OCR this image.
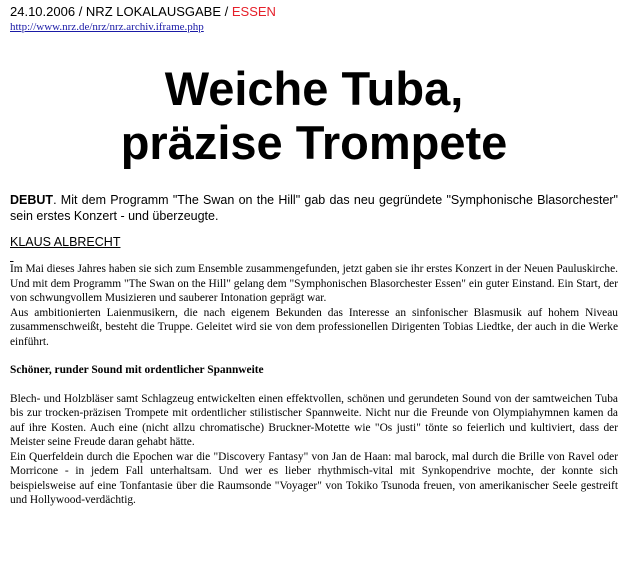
24.10.2006 / NRZ LOKALAUSGABE / ESSEN
http://www.nrz.de/nrz/nrz.archiv.iframe.php
Weiche Tuba,
präzise Trompete
DEBUT. Mit dem Programm "The Swan on the Hill" gab das neu gegründete "Symphonische Blasorchester" sein erstes Konzert - und überzeugte.
KLAUS ALBRECHT

Im Mai dieses Jahres haben sie sich zum Ensemble zusammengefunden, jetzt gaben sie ihr erstes Konzert in der Neuen Pauluskirche. Und mit dem Programm "The Swan on the Hill" gelang dem "Symphonischen Blasorchester Essen" ein guter Einstand. Ein Start, der von schwungvollem Musizieren und sauberer Intonation geprägt war.

Aus ambitionierten Laienmusikern, die nach eigenem Bekunden das Interesse an sinfonischer Blasmusik auf hohem Niveau zusammenschweißt, besteht die Truppe. Geleitet wird sie von dem professionellen Dirigenten Tobias Liedtke, der auch in die Werke einführt.

Schöner, runder Sound mit ordentlicher Spannweite

Blech- und Holzbläser samt Schlagzeug entwickelten einen effektvollen, schönen und gerundeten Sound von der samtweichen Tuba bis zur trocken-präzisen Trompete mit ordentlicher stilistischer Spannweite. Nicht nur die Freunde von Olympiahymnen kamen da auf ihre Kosten. Auch eine (nicht allzu chromatische) Bruckner-Motette wie "Os justi" tönte so feierlich und kultiviert, dass der Meister seine Freude daran gehabt hätte.

Ein Querfeldein durch die Epochen war die "Discovery Fantasy" von Jan de Haan: mal barock, mal durch die Brille von Ravel oder Morricone - in jedem Fall unterhaltsam. Und wer es lieber rhythmisch-vital mit Synkopendrive mochte, der konnte sich beispielsweise auf eine Tonfantasie über die Raumsonde "Voyager" von Tokiko Tsunoda freuen, von amerikanischer Seele gestreift und Hollywood-verdächtig.
